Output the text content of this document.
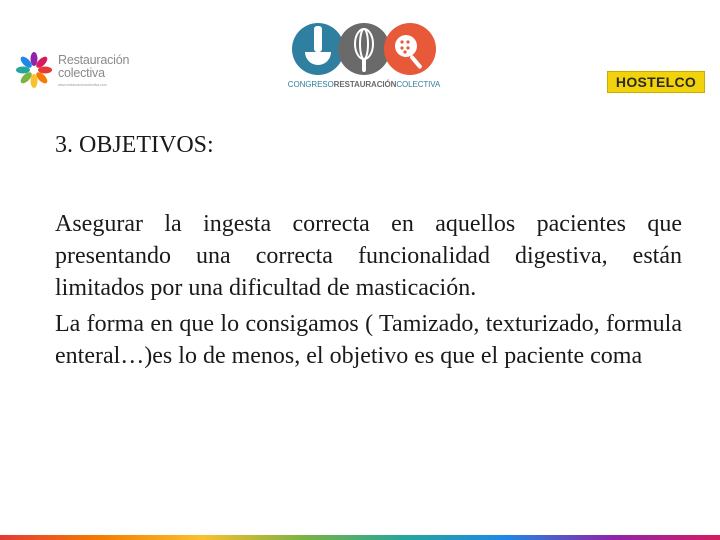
Restauración
colectiva
www.restauracioncolectiva.com	CONGRESORESTAURACIÓNCOLECTIVA	HOSTELCO
3. OBJETIVOS:

Asegurar la ingesta correcta en aquellos pacientes que presentando una correcta funcionalidad digestiva, están limitados por una dificultad de masticación.

La forma en que lo consigamos ( Tamizado, texturizado, formula enteral…)es lo de menos, el objetivo es que el paciente coma
